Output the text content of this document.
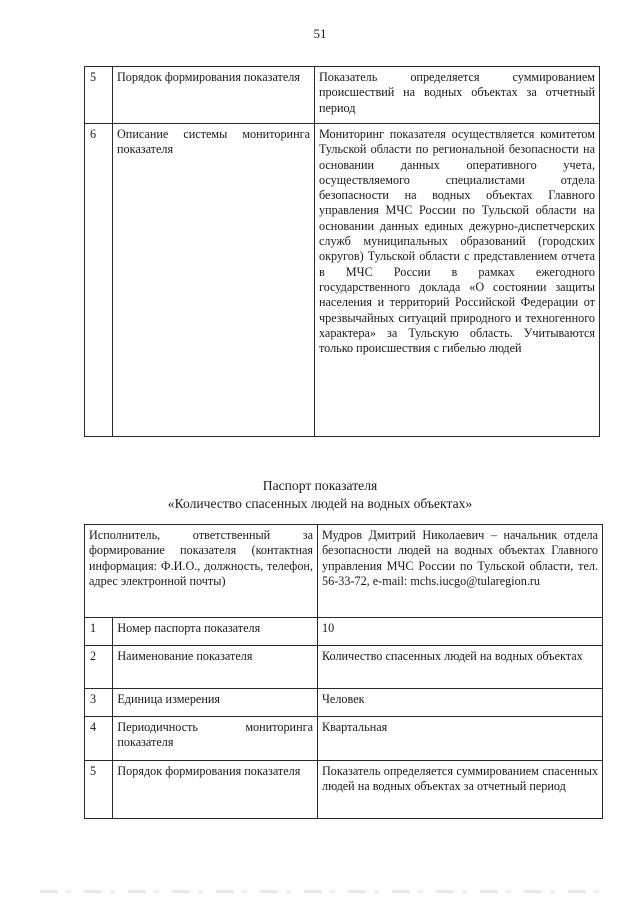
51
5	Порядок формирования показателя	Показатель определяется суммированием происшествий на водных объектах за отчетный период
6	Описание системы мониторинга показателя	Мониторинг показателя осуществляется комитетом Тульской области по региональной безопасности на основании данных оперативного учета, осуществляемого специалистами отдела безопасности на водных объектах Главного управления МЧС России по Тульской области на основании данных единых дежурно-диспетчерских служб муниципальных образований (городских округов) Тульской области с представлением отчета в МЧС России в рамках ежегодного государственного доклада «О состоянии защиты населения и территорий Российской Федерации от чрезвычайных ситуаций природного и техногенного характера» за Тульскую область. Учитываются только происшествия с гибелью людей
Паспорт показателя
«Количество спасенных людей на водных объектах»
Исполнитель, ответственный за формирование показателя (контактная информация: Ф.И.О., должность, телефон, адрес электронной почты)		Мудров Дмитрий Николаевич – начальник отдела безопасности людей на водных объектах Главного управления МЧС России по Тульской области, тел. 56-33-72, e-mail: mchs.iucgo@tularegion.ru
1	Номер паспорта показателя	10
2	Наименование показателя	Количество спасенных людей на водных объектах
3	Единица измерения	Человек
4	Периодичность мониторинга показателя	Квартальная
5	Порядок формирования показателя	Показатель определяется суммированием спасенных людей на водных объектах за отчетный период
